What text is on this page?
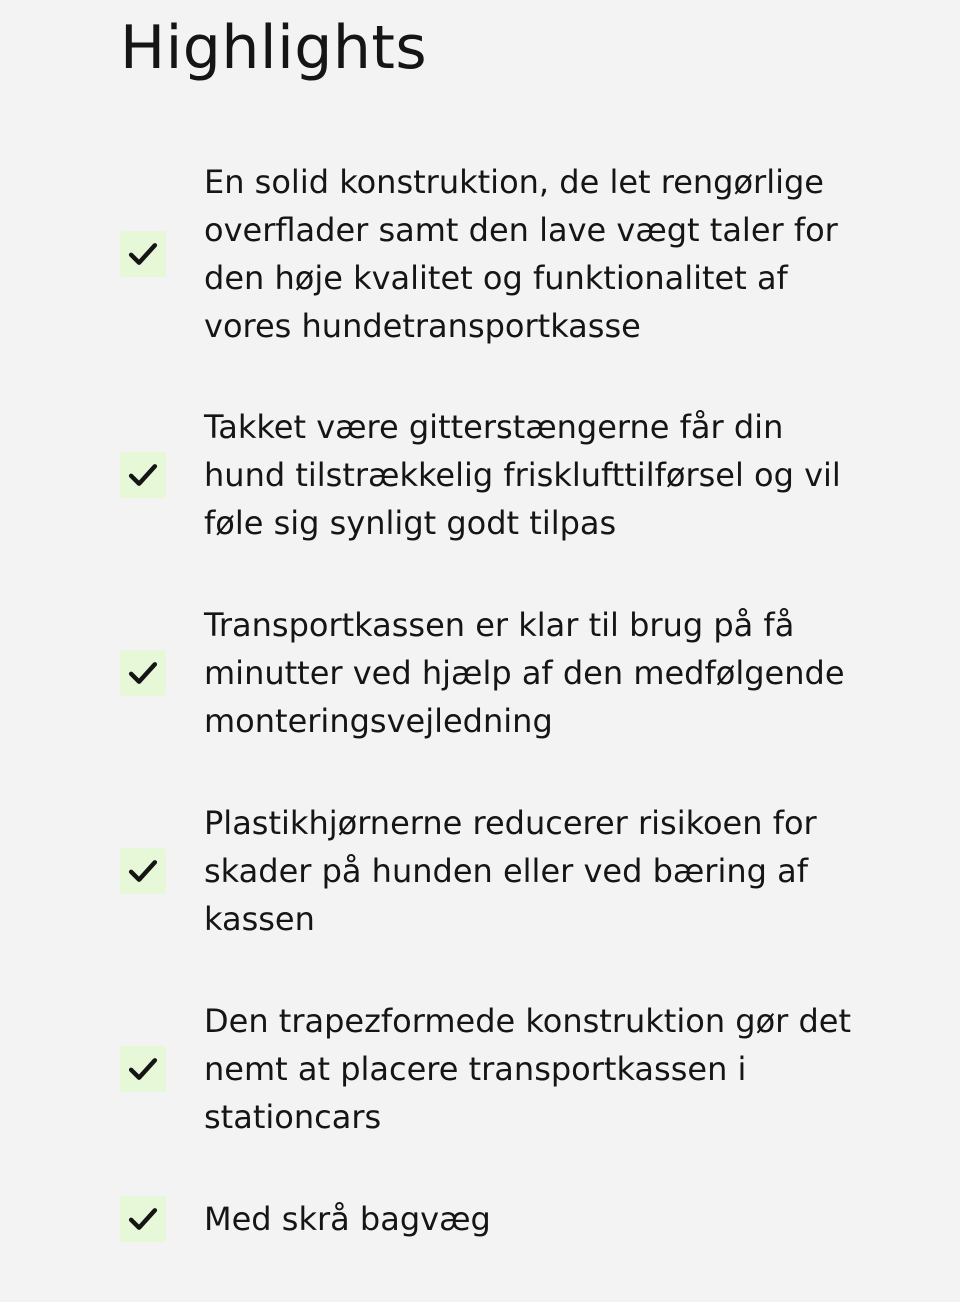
Highlights
En solid konstruktion, de let rengørlige overflader samt den lave vægt taler for den høje kvalitet og funktionalitet af vores hundetransportkasse
Takket være gitterstængerne får din hund tilstrækkelig frisklufttilførsel og vil føle sig synligt godt tilpas
Transportkassen er klar til brug på få minutter ved hjælp af den medfølgende monteringsvejledning
Plastikhjørnerne reducerer risikoen for skader på hunden eller ved bæring af kassen
Den trapezformede konstruktion gør det nemt at placere transportkassen i stationcars
Med skrå bagvæg
